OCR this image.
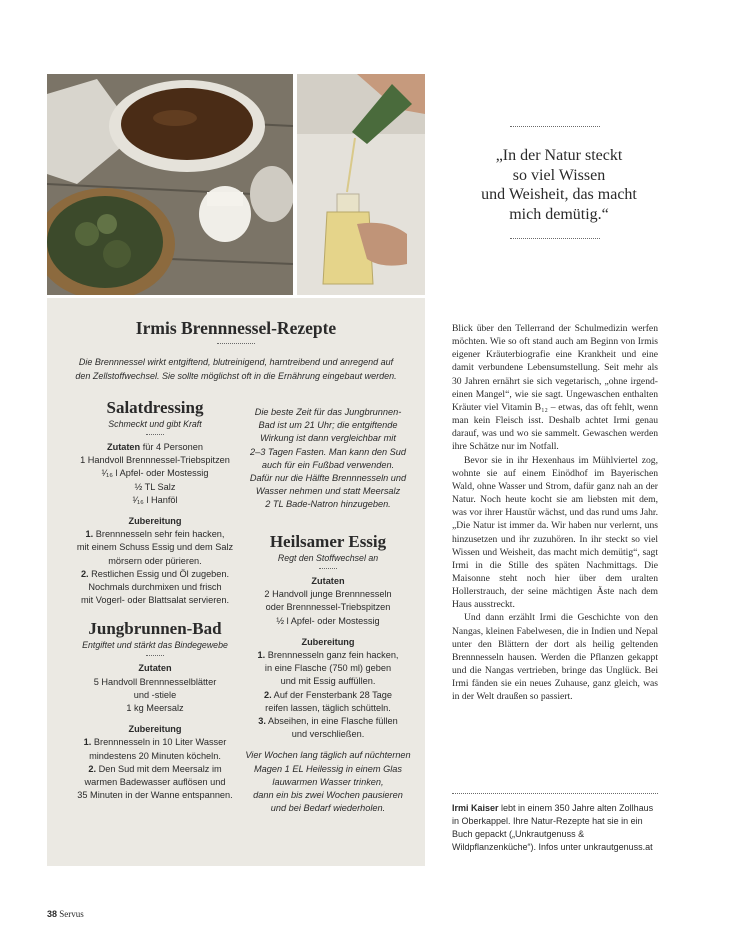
Irmis Brennnessel-Rezepte
Die Brennnessel wirkt entgiftend, blutreinigend, harntreibend und anregend auf
den Zellstoffwechsel. Sie sollte möglichst oft in die Ernährung eingebaut werden.
Salatdressing
Schmeckt und gibt Kraft
Zutaten für 4 Personen
1 Handvoll Brennnessel-Triebspitzen
¹⁄₁₆ l Apfel- oder Mostessig
½ TL Salz
¹⁄₁₆ l Hanföl
Zubereitung
1. Brennnesseln sehr fein hacken,
mit einem Schuss Essig und dem Salz
mörsern oder pürieren.
2. Restlichen Essig und Öl zugeben.
Nochmals durchmixen und frisch
mit Vogerl- oder Blattsalat servieren.
Jungbrunnen-Bad
Entgiftet und stärkt das Bindegewebe
Zutaten
5 Handvoll Brennnesselblätter
und -stiele
1 kg Meersalz
Zubereitung
1. Brennnesseln in 10 Liter Wasser
mindestens 20 Minuten köcheln.
2. Den Sud mit dem Meersalz im
warmen Badewasser auflösen und
35 Minuten in der Wanne entspannen.
Die beste Zeit für das Jungbrunnen-
Bad ist um 21 Uhr; die entgiftende
Wirkung ist dann vergleichbar mit
2–3 Tagen Fasten. Man kann den Sud
auch für ein Fußbad verwenden.
Dafür nur die Hälfte Brennnesseln und
Wasser nehmen und statt Meersalz
2 TL Bade-Natron hinzugeben.
Heilsamer Essig
Regt den Stoffwechsel an
Zutaten
2 Handvoll junge Brennnesseln
oder Brennnessel-Triebspitzen
½ l Apfel- oder Mostessig
Zubereitung
1. Brennnesseln ganz fein hacken,
in eine Flasche (750 ml) geben
und mit Essig auffüllen.
2. Auf der Fensterbank 28 Tage
reifen lassen, täglich schütteln.
3. Abseihen, in eine Flasche füllen
und verschließen.
Vier Wochen lang täglich auf nüchternen
Magen 1 EL Heilessig in einem Glas
lauwarmen Wasser trinken,
dann ein bis zwei Wochen pausieren
und bei Bedarf wiederholen.
„In der Natur steckt
so viel Wissen
und Weisheit, das macht
mich demütig.“

Blick über den Tellerrand der Schulmedizin werfen möchten. Wie so oft stand auch am Beginn von Irmis eigener Kräuterbiografie eine Krankheit und eine damit verbundene Lebensumstellung. Seit mehr als 30 Jahren ernährt sie sich vegetarisch, „ohne irgendeinen Mangel“, wie sie sagt. Ungewaschen enthalten Kräuter viel Vitamin B₁₂ – etwas, das oft fehlt, wenn man kein Fleisch isst. Deshalb achtet Irmi genau darauf, was und wo sie sammelt. Gewaschen werden ihre Schätze nur im Notfall.

Bevor sie in ihr Hexenhaus im Mühlviertel zog, wohnte sie auf einem Einödhof im Bayerischen Wald, ohne Wasser und Strom, dafür ganz nah an der Natur. Noch heute kocht sie am liebsten mit dem, was vor ihrer Haustür wächst, und das rund ums Jahr. „Die Natur ist immer da. Wir haben nur verlernt, uns hinzusetzen und ihr zuzuhören. In ihr steckt so viel Wissen und Weisheit, das macht mich demütig“, sagt Irmi in die Stille des späten Nachmittags. Die Maisonne steht noch hier über dem uralten Hollerstrauch, der seine mächtigen Äste nach dem Haus ausstreckt.

Und dann erzählt Irmi die Geschichte von den Nangas, kleinen Fabelwesen, die in Indien und Nepal unter den Blättern der dort als heilig geltenden Brennnesseln hausen. Werden die Pflanzen gekappt und die Nangas vertrieben, bringe das Unglück. Bei Irmi fänden sie ein neues Zuhause, ganz gleich, was in der Welt draußen so passiert.

Irmi Kaiser lebt in einem 350 Jahre alten Zollhaus in Oberkappel. Ihre Natur-Rezepte hat sie in ein Buch gepackt („Unkrautgenuss & Wildpflanzenküche“). Infos unter unkrautgenuss.at
38 Servus
